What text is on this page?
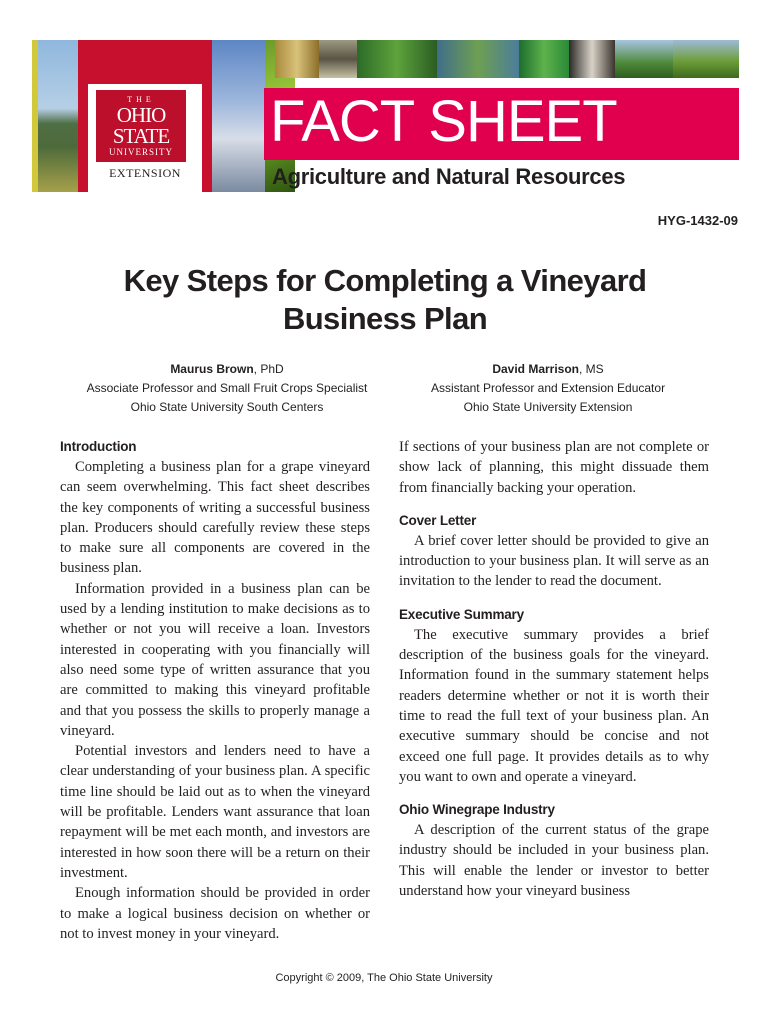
THE
OHIO
STATE
UNIVERSITY
EXTENSION
FACT SHEET
Agriculture and Natural Resources
HYG-1432-09
Key Steps for Completing a Vineyard Business Plan
Maurus Brown, PhD
Associate Professor and Small Fruit Crops Specialist
Ohio State University South Centers
David Marrison, MS
Assistant Professor and Extension Educator
Ohio State University Extension
Introduction

Completing a business plan for a grape vineyard can seem overwhelming. This fact sheet describes the key components of writing a successful business plan. Producers should carefully review these steps to make sure all components are covered in the business plan.

Information provided in a business plan can be used by a lending institution to make decisions as to whether or not you will receive a loan. Investors interested in cooperating with you financially will also need some type of written assurance that you are committed to making this vineyard profitable and that you possess the skills to properly manage a vineyard.

Potential investors and lenders need to have a clear understanding of your business plan. A specific time line should be laid out as to when the vineyard will be profitable. Lenders want assurance that loan repayment will be met each month, and investors are interested in how soon there will be a return on their investment.

Enough information should be provided in order to make a logical business decision on whether or not to invest money in your vineyard.

If sections of your business plan are not complete or show lack of planning, this might dissuade them from financially backing your operation.

Cover Letter

A brief cover letter should be provided to give an introduction to your business plan. It will serve as an invitation to the lender to read the document.

Executive Summary

The executive summary provides a brief description of the business goals for the vineyard. Information found in the summary statement helps readers determine whether or not it is worth their time to read the full text of your business plan. An executive summary should be concise and not exceed one full page. It provides details as to why you want to own and operate a vineyard.

Ohio Winegrape Industry

A description of the current status of the grape industry should be included in your business plan. This will enable the lender or investor to better understand how your vineyard business

Copyright © 2009, The Ohio State University
